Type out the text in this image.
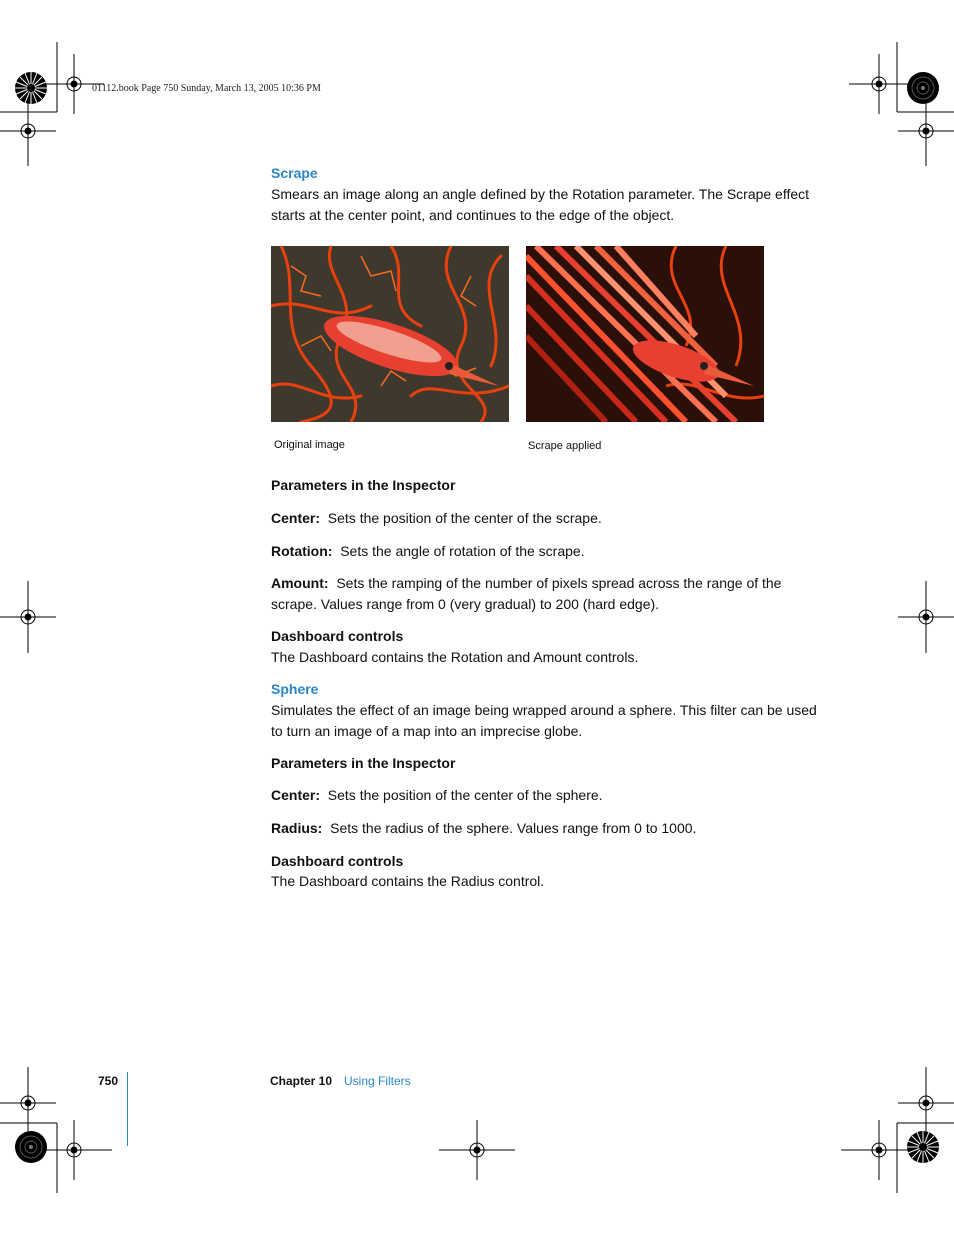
01112.book Page 750 Sunday, March 13, 2005 10:36 PM
Scrape
Smears an image along an angle defined by the Rotation parameter. The Scrape effect starts at the center point, and continues to the edge of the object.
Original image	Scrape applied
Parameters in the Inspector
Center: Sets the position of the center of the scrape.
Rotation: Sets the angle of rotation of the scrape.
Amount: Sets the ramping of the number of pixels spread across the range of the scrape. Values range from 0 (very gradual) to 200 (hard edge).
Dashboard controls
The Dashboard contains the Rotation and Amount controls.
Sphere
Simulates the effect of an image being wrapped around a sphere. This filter can be used to turn an image of a map into an imprecise globe.
Parameters in the Inspector
Center: Sets the position of the center of the sphere.
Radius: Sets the radius of the sphere. Values range from 0 to 1000.
Dashboard controls
The Dashboard contains the Radius control.
750	Chapter 10 Using Filters
